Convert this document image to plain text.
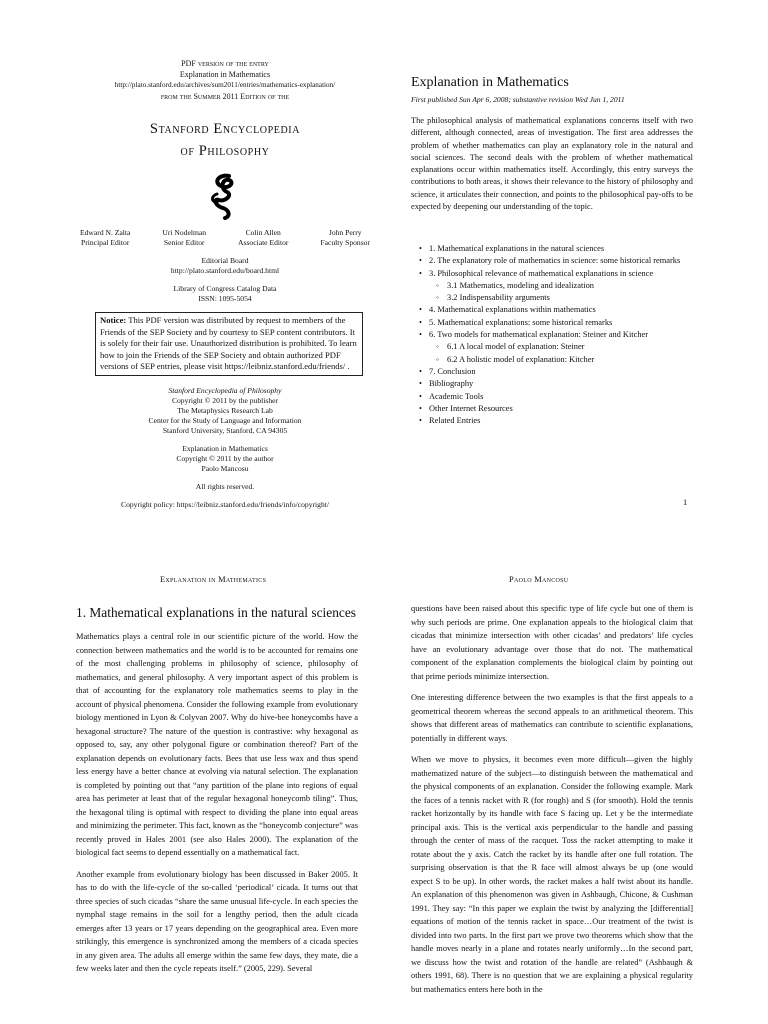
PDF version of the entry
Explanation in Mathematics
http://plato.stanford.edu/archives/sum2011/entries/mathematics-explanation/
from the Summer 2011 Edition of the
Stanford Encyclopedia
of Philosophy
Edward N. Zalta
Principal Editor
Uri Nodelman
Senior Editor
Colin Allen
Associate Editor
John Perry
Faculty Sponsor
Editorial Board
http://plato.stanford.edu/board.html
Library of Congress Catalog Data
ISSN: 1095-5054
Notice: This PDF version was distributed by request to members of the Friends of the SEP Society and by courtesy to SEP content contributors. It is solely for their fair use. Unauthorized distribution is prohibited. To learn how to join the Friends of the SEP Society and obtain authorized PDF versions of SEP entries, please visit https://leibniz.stanford.edu/friends/ .
Stanford Encyclopedia of Philosophy
Copyright © 2011 by the publisher
The Metaphysics Research Lab
Center for the Study of Language and Information
Stanford University, Stanford, CA 94305
Explanation in Mathematics
Copyright © 2011 by the author
Paolo Mancosu
All rights reserved.
Copyright policy: https://leibniz.stanford.edu/friends/info/copyright/
Explanation in Mathematics
First published Sun Apr 6, 2008; substantive revision Wed Jun 1, 2011
The philosophical analysis of mathematical explanations concerns itself with two different, although connected, areas of investigation. The first area addresses the problem of whether mathematics can play an explanatory role in the natural and social sciences. The second deals with the problem of whether mathematical explanations occur within mathematics itself. Accordingly, this entry surveys the contributions to both areas, it shows their relevance to the history of philosophy and science, it articulates their connection, and points to the philosophical pay-offs to be expected by deepening our understanding of the topic.
• 1. Mathematical explanations in the natural sciences
• 2. The explanatory role of mathematics in science: some historical remarks
• 3. Philosophical relevance of mathematical explanations in science
◦ 3.1 Mathematics, modeling and idealization
◦ 3.2 Indispensability arguments
• 4. Mathematical explanations within mathematics
• 5. Mathematical explanations: some historical remarks
• 6. Two models for mathematical explanation: Steiner and Kitcher
◦ 6.1 A local model of explanation: Steiner
◦ 6.2 A holistic model of explanation: Kitcher
• 7. Conclusion
• Bibliography
• Academic Tools
• Other Internet Resources
• Related Entries
1
Explanation in Mathematics	Paolo Mancosu
1. Mathematical explanations in the natural sciences

Mathematics plays a central role in our scientific picture of the world. How the connection between mathematics and the world is to be accounted for remains one of the most challenging problems in philosophy of science, philosophy of mathematics, and general philosophy. A very important aspect of this problem is that of accounting for the explanatory role mathematics seems to play in the account of physical phenomena. Consider the following example from evolutionary biology mentioned in Lyon & Colyvan 2007. Why do hive-bee honeycombs have a hexagonal structure? The nature of the question is contrastive: why hexagonal as opposed to, say, any other polygonal figure or combination thereof? Part of the explanation depends on evolutionary facts. Bees that use less wax and thus spend less energy have a better chance at evolving via natural selection. The explanation is completed by pointing out that “any partition of the plane into regions of equal area has perimeter at least that of the regular hexagonal honeycomb tiling”. Thus, the hexagonal tiling is optimal with respect to dividing the plane into equal areas and minimizing the perimeter. This fact, known as the “honeycomb conjecture” was recently proved in Hales 2001 (see also Hales 2000). The explanation of the biological fact seems to depend essentially on a mathematical fact.

Another example from evolutionary biology has been discussed in Baker 2005. It has to do with the life-cycle of the so-called ‘periodical’ cicada. It turns out that three species of such cicadas “share the same unusual life-cycle. In each species the nymphal stage remains in the soil for a lengthy period, then the adult cicada emerges after 13 years or 17 years depending on the geographical area. Even more strikingly, this emergence is synchronized among the members of a cicada species in any given area. The adults all emerge within the same few days, they mate, die a few weeks later and then the cycle repeats itself.” (2005, 229). Several

questions have been raised about this specific type of life cycle but one of them is why such periods are prime. One explanation appeals to the biological claim that cicadas that minimize intersection with other cicadas’ and predators’ life cycles have an evolutionary advantage over those that do not. The mathematical component of the explanation complements the biological claim by pointing out that prime periods minimize intersection.

One interesting difference between the two examples is that the first appeals to a geometrical theorem whereas the second appeals to an arithmetical theorem. This shows that different areas of mathematics can contribute to scientific explanations, potentially in different ways.

When we move to physics, it becomes even more difficult—given the highly mathematized nature of the subject—to distinguish between the mathematical and the physical components of an explanation. Consider the following example. Mark the faces of a tennis racket with R (for rough) and S (for smooth). Hold the tennis racket horizontally by its handle with face S facing up. Let y be the intermediate principal axis. This is the vertical axis perpendicular to the handle and passing through the center of mass of the racquet. Toss the racket attempting to make it rotate about the y axis. Catch the racket by its handle after one full rotation. The surprising observation is that the R face will almost always be up (one would expect S to be up). In other words, the racket makes a half twist about its handle. An explanation of this phenomenon was given in Ashbaugh, Chicone, & Cushman 1991. They say: “In this paper we explain the twist by analyzing the [differential] equations of motion of the tennis racket in space…Our treatment of the twist is divided into two parts. In the first part we prove two theorems which show that the handle moves nearly in a plane and rotates nearly uniformly…In the second part, we discuss how the twist and rotation of the handle are related” (Ashbaugh & others 1991, 68). There is no question that we are explaining a physical regularity but mathematics enters here both in the
